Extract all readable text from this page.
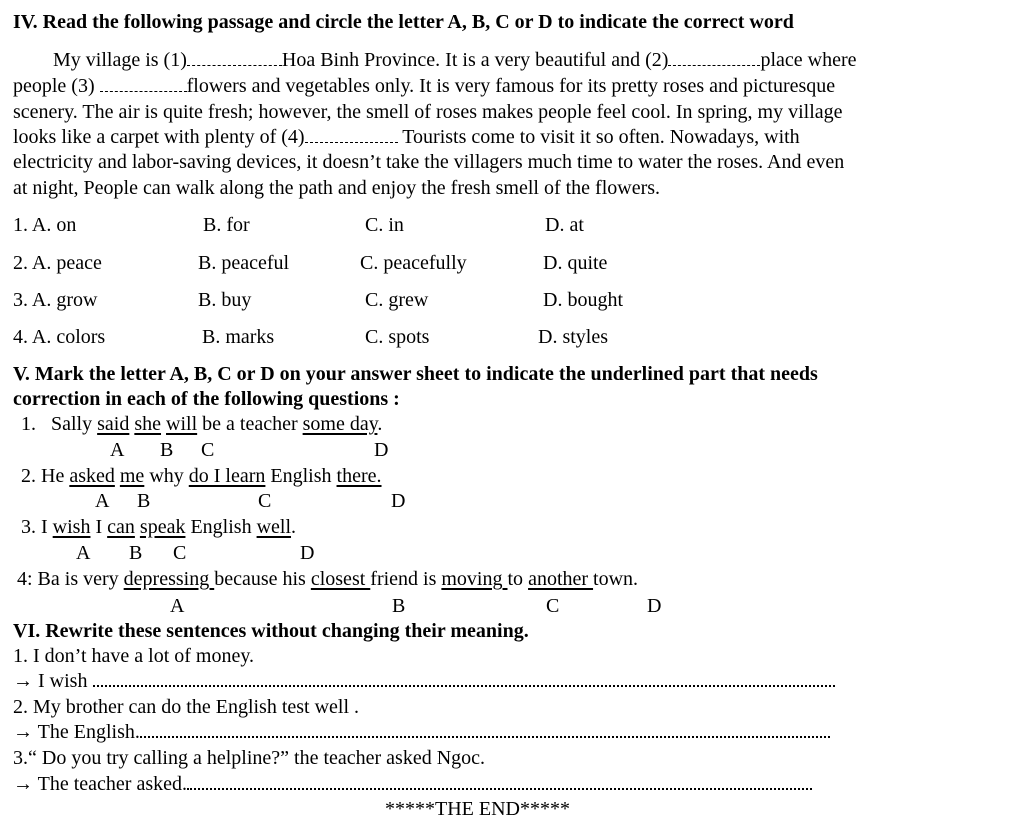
IV. Read the following passage and circle the letter A, B, C or D to indicate the correct word
My village is (1)	Hoa Binh Province. It is a very beautiful and (2)	place where
people (3)	flowers and vegetables only. It is very famous for its pretty roses and picturesque
scenery. The air is quite fresh; however, the smell of roses makes people feel cool. In spring, my village
looks like a carpet with plenty of (4)	Tourists come to visit it so often. Nowadays, with
electricity and labor-saving devices, it doesn’t take the villagers much time to water the roses. And even
at night, People can walk along the path and enjoy the fresh smell of the flowers.
1. A. on	B. for	C. in	D. at
2. A. peace	B. peaceful	C. peacefully	D. quite
3. A. grow	B. buy	C. grew	D. bought
4. A. colors	B. marks	C. spots	D. styles
V. Mark the letter A, B, C or D on your answer sheet to indicate the underlined part that needs
correction in each of the following questions :
1. Sally said she will be a teacher some day.
A B C	D
2. He asked me why do I learn English there.
A B	C	D
3. I wish I can speak English well.
A B C	D
4: Ba is very depressing because his closest friend is moving to another town.
A	B	C	D
VI. Rewrite these sentences without changing their meaning.
1. I don’t have a lot of money.
→ I wish
2. My brother can do the English test well .
→ The English.
3.“ Do you try calling a helpline?” the teacher asked Ngoc.
→ The teacher asked.
*****THE END*****
